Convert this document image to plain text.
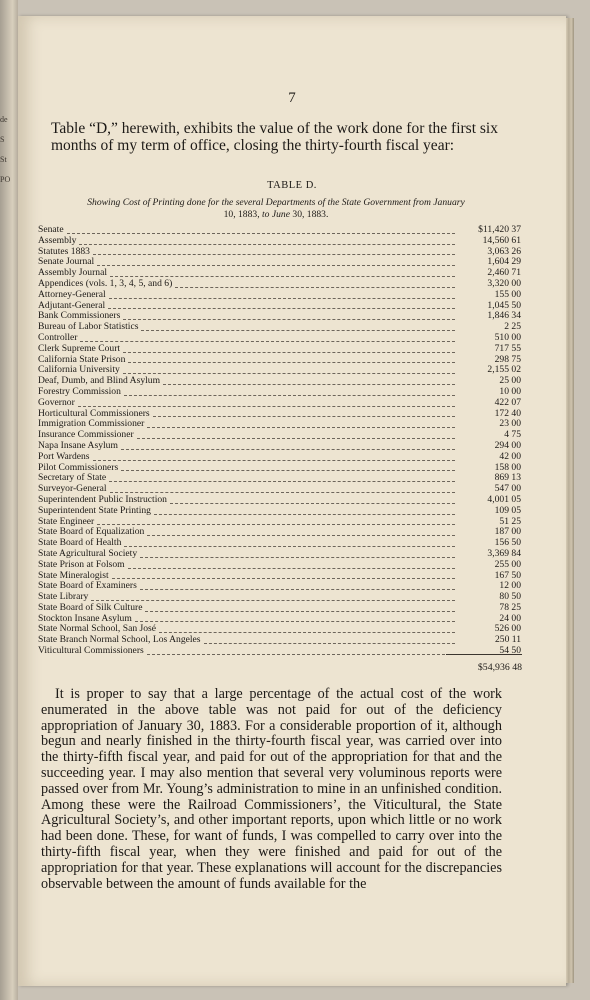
de
S
St
PO
7
Table “D,” herewith, exhibits the value of the work done for the first six months of my term of office, closing the thirty-fourth fiscal year:
TABLE D.
Showing Cost of Printing done for the several Departments of the State Government from January
10, 1883, to June 30, 1883.
Senate	$11,420 37
Assembly	14,560 61
Statutes 1883	3,063 26
Senate Journal	1,604 29
Assembly Journal	2,460 71
Appendices (vols. 1, 3, 4, 5, and 6)	3,320 00
Attorney-General	155 00
Adjutant-General	1,045 50
Bank Commissioners	1,846 34
Bureau of Labor Statistics	2 25
Controller	510 00
Clerk Supreme Court	717 55
California State Prison	298 75
California University	2,155 02
Deaf, Dumb, and Blind Asylum	25 00
Forestry Commission	10 00
Governor	422 07
Horticultural Commissioners	172 40
Immigration Commissioner	23 00
Insurance Commissioner	4 75
Napa Insane Asylum	294 00
Port Wardens	42 00
Pilot Commissioners	158 00
Secretary of State	869 13
Surveyor-General	547 00
Superintendent Public Instruction	4,001 05
Superintendent State Printing	109 05
State Engineer	51 25
State Board of Equalization	187 00
State Board of Health	156 50
State Agricultural Society	3,369 84
State Prison at Folsom	255 00
State Mineralogist	167 50
State Board of Examiners	12 00
State Library	80 50
State Board of Silk Culture	78 25
Stockton Insane Asylum	24 00
State Normal School, San José	526 00
State Branch Normal School, Los Angeles	250 11
Viticultural Commissioners	54 50
$54,936 48
It is proper to say that a large percentage of the actual cost of the work enumerated in the above table was not paid for out of the deficiency appropriation of January 30, 1883. For a considerable proportion of it, although begun and nearly finished in the thirty-fourth fiscal year, was carried over into the thirty-fifth fiscal year, and paid for out of the appropriation for that and the succeeding year. I may also mention that several very voluminous reports were passed over from Mr. Young’s administration to mine in an unfinished condition. Among these were the Railroad Commissioners’, the Viticultural, the State Agricultural Society’s, and other important reports, upon which little or no work had been done. These, for want of funds, I was compelled to carry over into the thirty-fifth fiscal year, when they were finished and paid for out of the appropriation for that year. These explanations will account for the discrepancies observable between the amount of funds available for the
